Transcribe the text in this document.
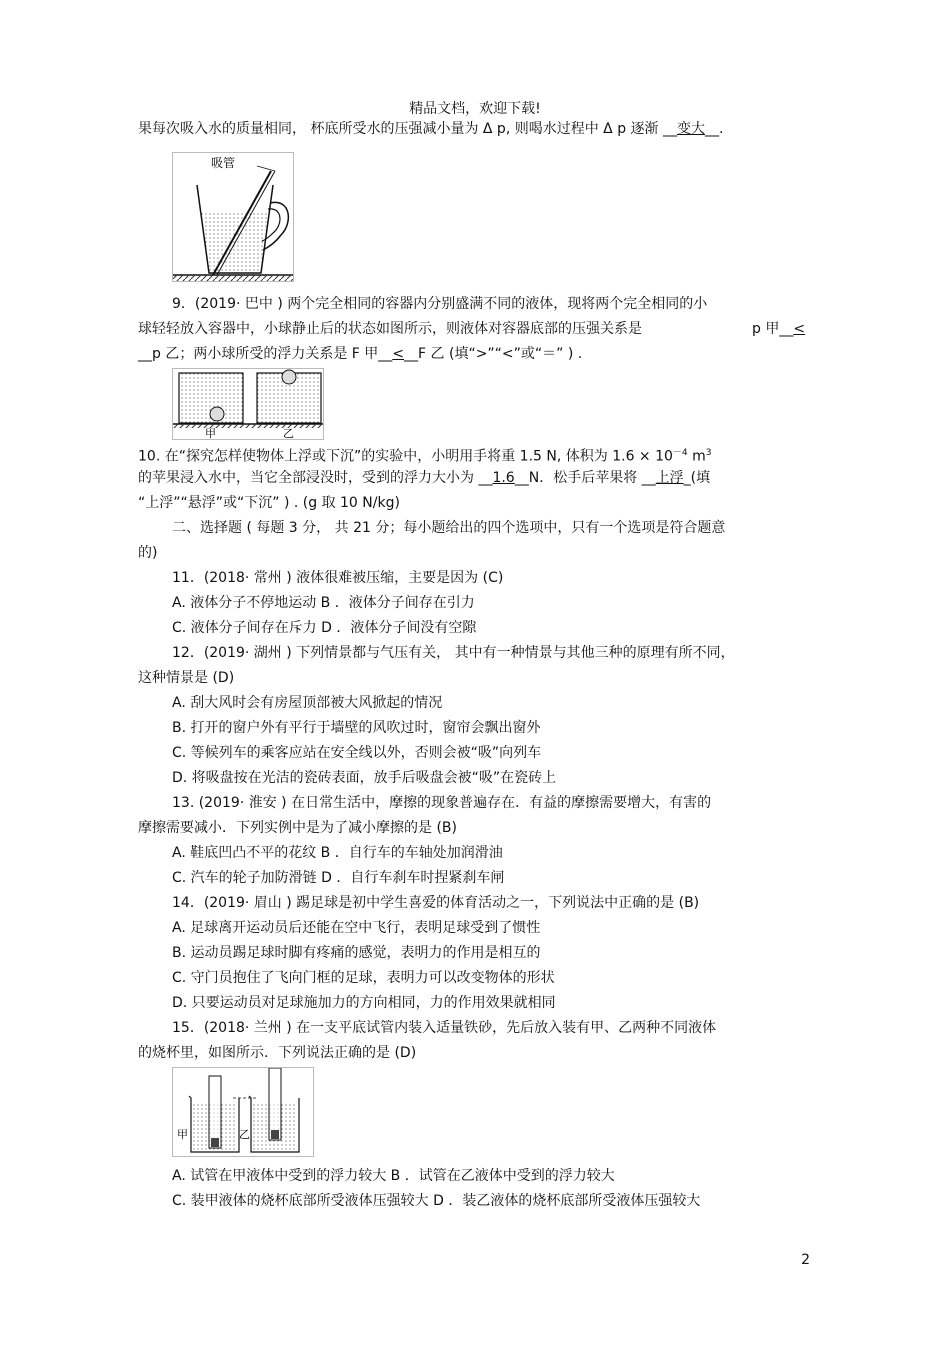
精品文档，欢迎下载!
果每次吸入水的质量相同， 杯底所受水的压强减小量为 Δ p, 则喝水过程中 Δ p 逐渐 __变大__.
吸管
9．(2019· 巴中 ) 两个完全相同的容器内分别盛满不同的液体，现将两个完全相同的小
球轻轻放入容器中，小球静止后的状态如图所示，则液体对容器底部的压强关系是	p 甲__<
__p 乙；两小球所受的浮力关系是 F 甲__<__F 乙 (填“>”“<”或“＝” ) .
甲	乙
10. 在“探究怎样使物体上浮或下沉”的实验中，小明用手将重 1.5 N, 体积为 $1.6 \times 10^{-4}$ $m^3$
的苹果浸入水中，当它全部浸没时，受到的浮力大小为 __1.6__N．松手后苹果将 __上浮_(填
“上浮”“悬浮”或“下沉” ) . (g 取 10 N/kg)
二、选择题 ( 每题 3 分， 共 21 分；每小题给出的四个选项中，只有一个选项是符合题意
的)
11．(2018· 常州 ) 液体很难被压缩，主要是因为 (C)
A. 液体分子不停地运动 B ．液体分子间存在引力
C. 液体分子间存在斥力 D ．液体分子间没有空隙
12．(2019· 湖州 ) 下列情景都与气压有关， 其中有一种情景与其他三种的原理有所不同，
这种情景是 (D)
A. 刮大风时会有房屋顶部被大风掀起的情况
B. 打开的窗户外有平行于墙壁的风吹过时，窗帘会飘出窗外
C. 等候列车的乘客应站在安全线以外，否则会被“吸”向列车
D. 将吸盘按在光洁的瓷砖表面，放手后吸盘会被“吸”在瓷砖上
13. (2019· 淮安 ) 在日常生活中，摩擦的现象普遍存在．有益的摩擦需要增大，有害的
摩擦需要减小．下列实例中是为了减小摩擦的是 (B)
A. 鞋底凹凸不平的花纹 B ．自行车的车轴处加润滑油
C. 汽车的轮子加防滑链 D ．自行车刹车时捏紧刹车闸
14．(2019· 眉山 ) 踢足球是初中学生喜爱的体育活动之一，下列说法中正确的是 (B)
A. 足球离开运动员后还能在空中飞行，表明足球受到了惯性
B. 运动员踢足球时脚有疼痛的感觉，表明力的作用是相互的
C. 守门员抱住了飞向门框的足球，表明力可以改变物体的形状
D. 只要运动员对足球施加力的方向相同，力的作用效果就相同
15．(2018· 兰州 ) 在一支平底试管内装入适量铁砂，先后放入装有甲、乙两种不同液体
的烧杯里，如图所示．下列说法正确的是 (D)
甲	乙
A. 试管在甲液体中受到的浮力较大 B ．试管在乙液体中受到的浮力较大
C. 装甲液体的烧杯底部所受液体压强较大 D ．装乙液体的烧杯底部所受液体压强较大
2
